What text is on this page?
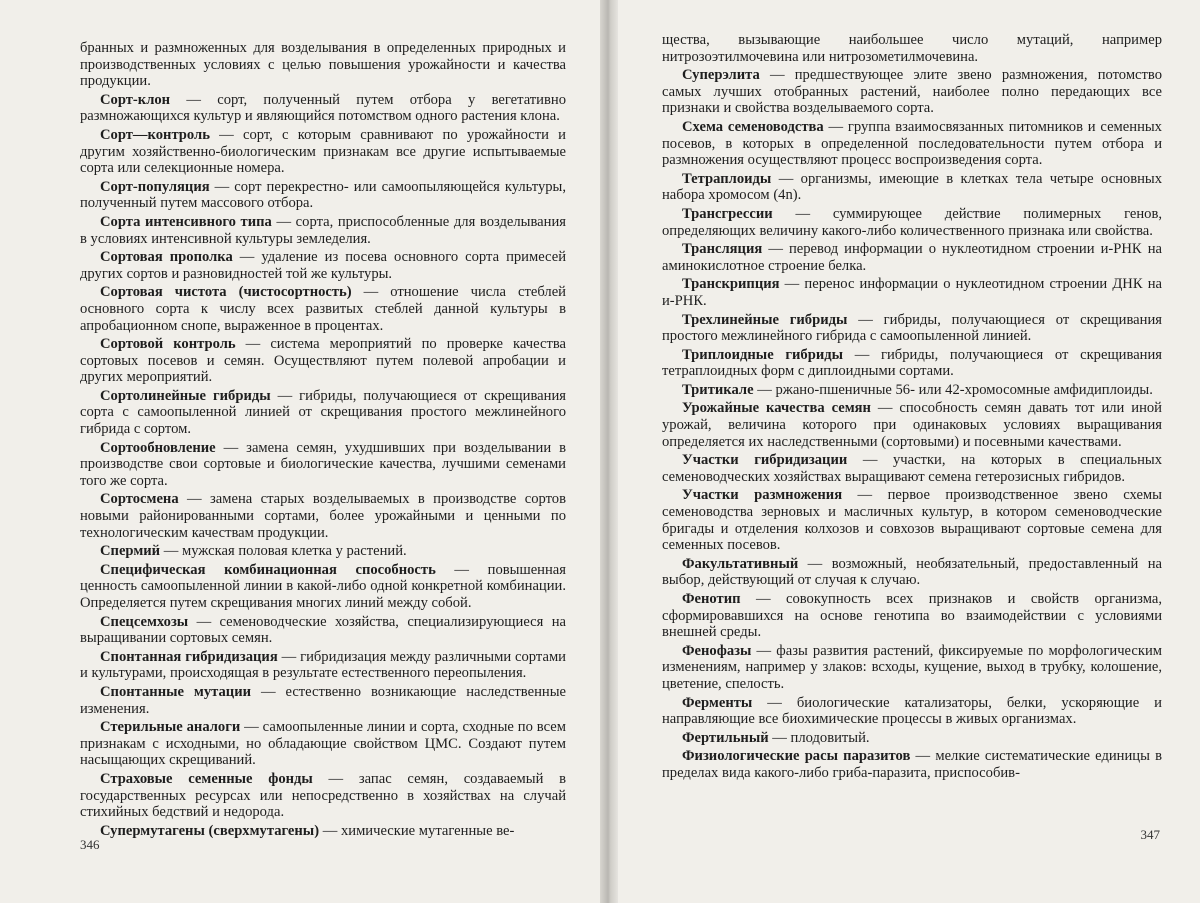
бранных и размноженных для возделывания в определенных природных и производственных условиях с целью повышения урожайности и качества продукции.

Сорт-клон — сорт, полученный путем отбора у вегетативно размножающихся культур и являющийся потомством одного растения клона.

Сорт—контроль — сорт, с которым сравнивают по урожайности и другим хозяйственно-биологическим признакам все другие испытываемые сорта или селекционные номера.

Сорт-популяция — сорт перекрестно- или самоопыляющейся культуры, полученный путем массового отбора.

Сорта интенсивного типа — сорта, приспособленные для возделывания в условиях интенсивной культуры земледелия.

Сортовая прополка — удаление из посева основного сорта примесей других сортов и разновидностей той же культуры.

Сортовая чистота (чистосортность) — отношение числа стеблей основного сорта к числу всех развитых стеблей данной культуры в апробационном снопе, выраженное в процентах.

Сортовой контроль — система мероприятий по проверке качества сортовых посевов и семян. Осуществляют путем полевой апробации и других мероприятий.

Сортолинейные гибриды — гибриды, получающиеся от скрещивания сорта с самоопыленной линией от скрещивания простого межлинейного гибрида с сортом.

Сортообновление — замена семян, ухудшивших при возделывании в производстве свои сортовые и биологические качества, лучшими семенами того же сорта.

Сортосмена — замена старых возделываемых в производстве сортов новыми районированными сортами, более урожайными и ценными по технологическим качествам продукции.

Спермий — мужская половая клетка у растений.

Специфическая комбинационная способность — повышенная ценность самоопыленной линии в какой-либо одной конкретной комбинации. Определяется путем скрещивания многих линий между собой.

Спецсемхозы — семеноводческие хозяйства, специализирующиеся на выращивании сортовых семян.

Спонтанная гибридизация — гибридизация между различными сортами и культурами, происходящая в результате естественного переопыления.

Спонтанные мутации — естественно возникающие наследственные изменения.

Стерильные аналоги — самоопыленные линии и сорта, сходные по всем признакам с исходными, но обладающие свойством ЦМС. Создают путем насыщающих скрещиваний.

Страховые семенные фонды — запас семян, создаваемый в государственных ресурсах или непосредственно в хозяйствах на случай стихийных бедствий и недорода.

Супермутагены (сверхмутагены) — химические мутагенные ве-

346

щества, вызывающие наибольшее число мутаций, например нитрозоэтилмочевина или нитрозометилмочевина.

Суперэлита — предшествующее элите звено размножения, потомство самых лучших отобранных растений, наиболее полно передающих все признаки и свойства возделываемого сорта.

Схема семеноводства — группа взаимосвязанных питомников и семенных посевов, в которых в определенной последовательности путем отбора и размножения осуществляют процесс воспроизведения сорта.

Тетраплоиды — организмы, имеющие в клетках тела четыре основных набора хромосом (4n).

Трансгрессии — суммирующее действие полимерных генов, определяющих величину какого-либо количественного признака или свойства.

Трансляция — перевод информации о нуклеотидном строении и-РНК на аминокислотное строение белка.

Транскрипция — перенос информации о нуклеотидном строении ДНК на и-РНК.

Трехлинейные гибриды — гибриды, получающиеся от скрещивания простого межлинейного гибрида с самоопыленной линией.

Триплоидные гибриды — гибриды, получающиеся от скрещивания тетраплоидных форм с диплоидными сортами.

Тритикале — ржано-пшеничные 56- или 42-хромосомные амфидиплоиды.

Урожайные качества семян — способность семян давать тот или иной урожай, величина которого при одинаковых условиях выращивания определяется их наследственными (сортовыми) и посевными качествами.

Участки гибридизации — участки, на которых в специальных семеноводческих хозяйствах выращивают семена гетерозисных гибридов.

Участки размножения — первое производственное звено схемы семеноводства зерновых и масличных культур, в котором семеноводческие бригады и отделения колхозов и совхозов выращивают сортовые семена для семенных посевов.

Факультативный — возможный, необязательный, предоставленный на выбор, действующий от случая к случаю.

Фенотип — совокупность всех признаков и свойств организма, сформировавшихся на основе генотипа во взаимодействии с условиями внешней среды.

Фенофазы — фазы развития растений, фиксируемые по морфологическим изменениям, например у злаков: всходы, кущение, выход в трубку, колошение, цветение, спелость.

Ферменты — биологические катализаторы, белки, ускоряющие и направляющие все биохимические процессы в живых организмах.

Фертильный — плодовитый.

Физиологические расы паразитов — мелкие систематические единицы в пределах вида какого-либо гриба-паразита, приспособив-

347
